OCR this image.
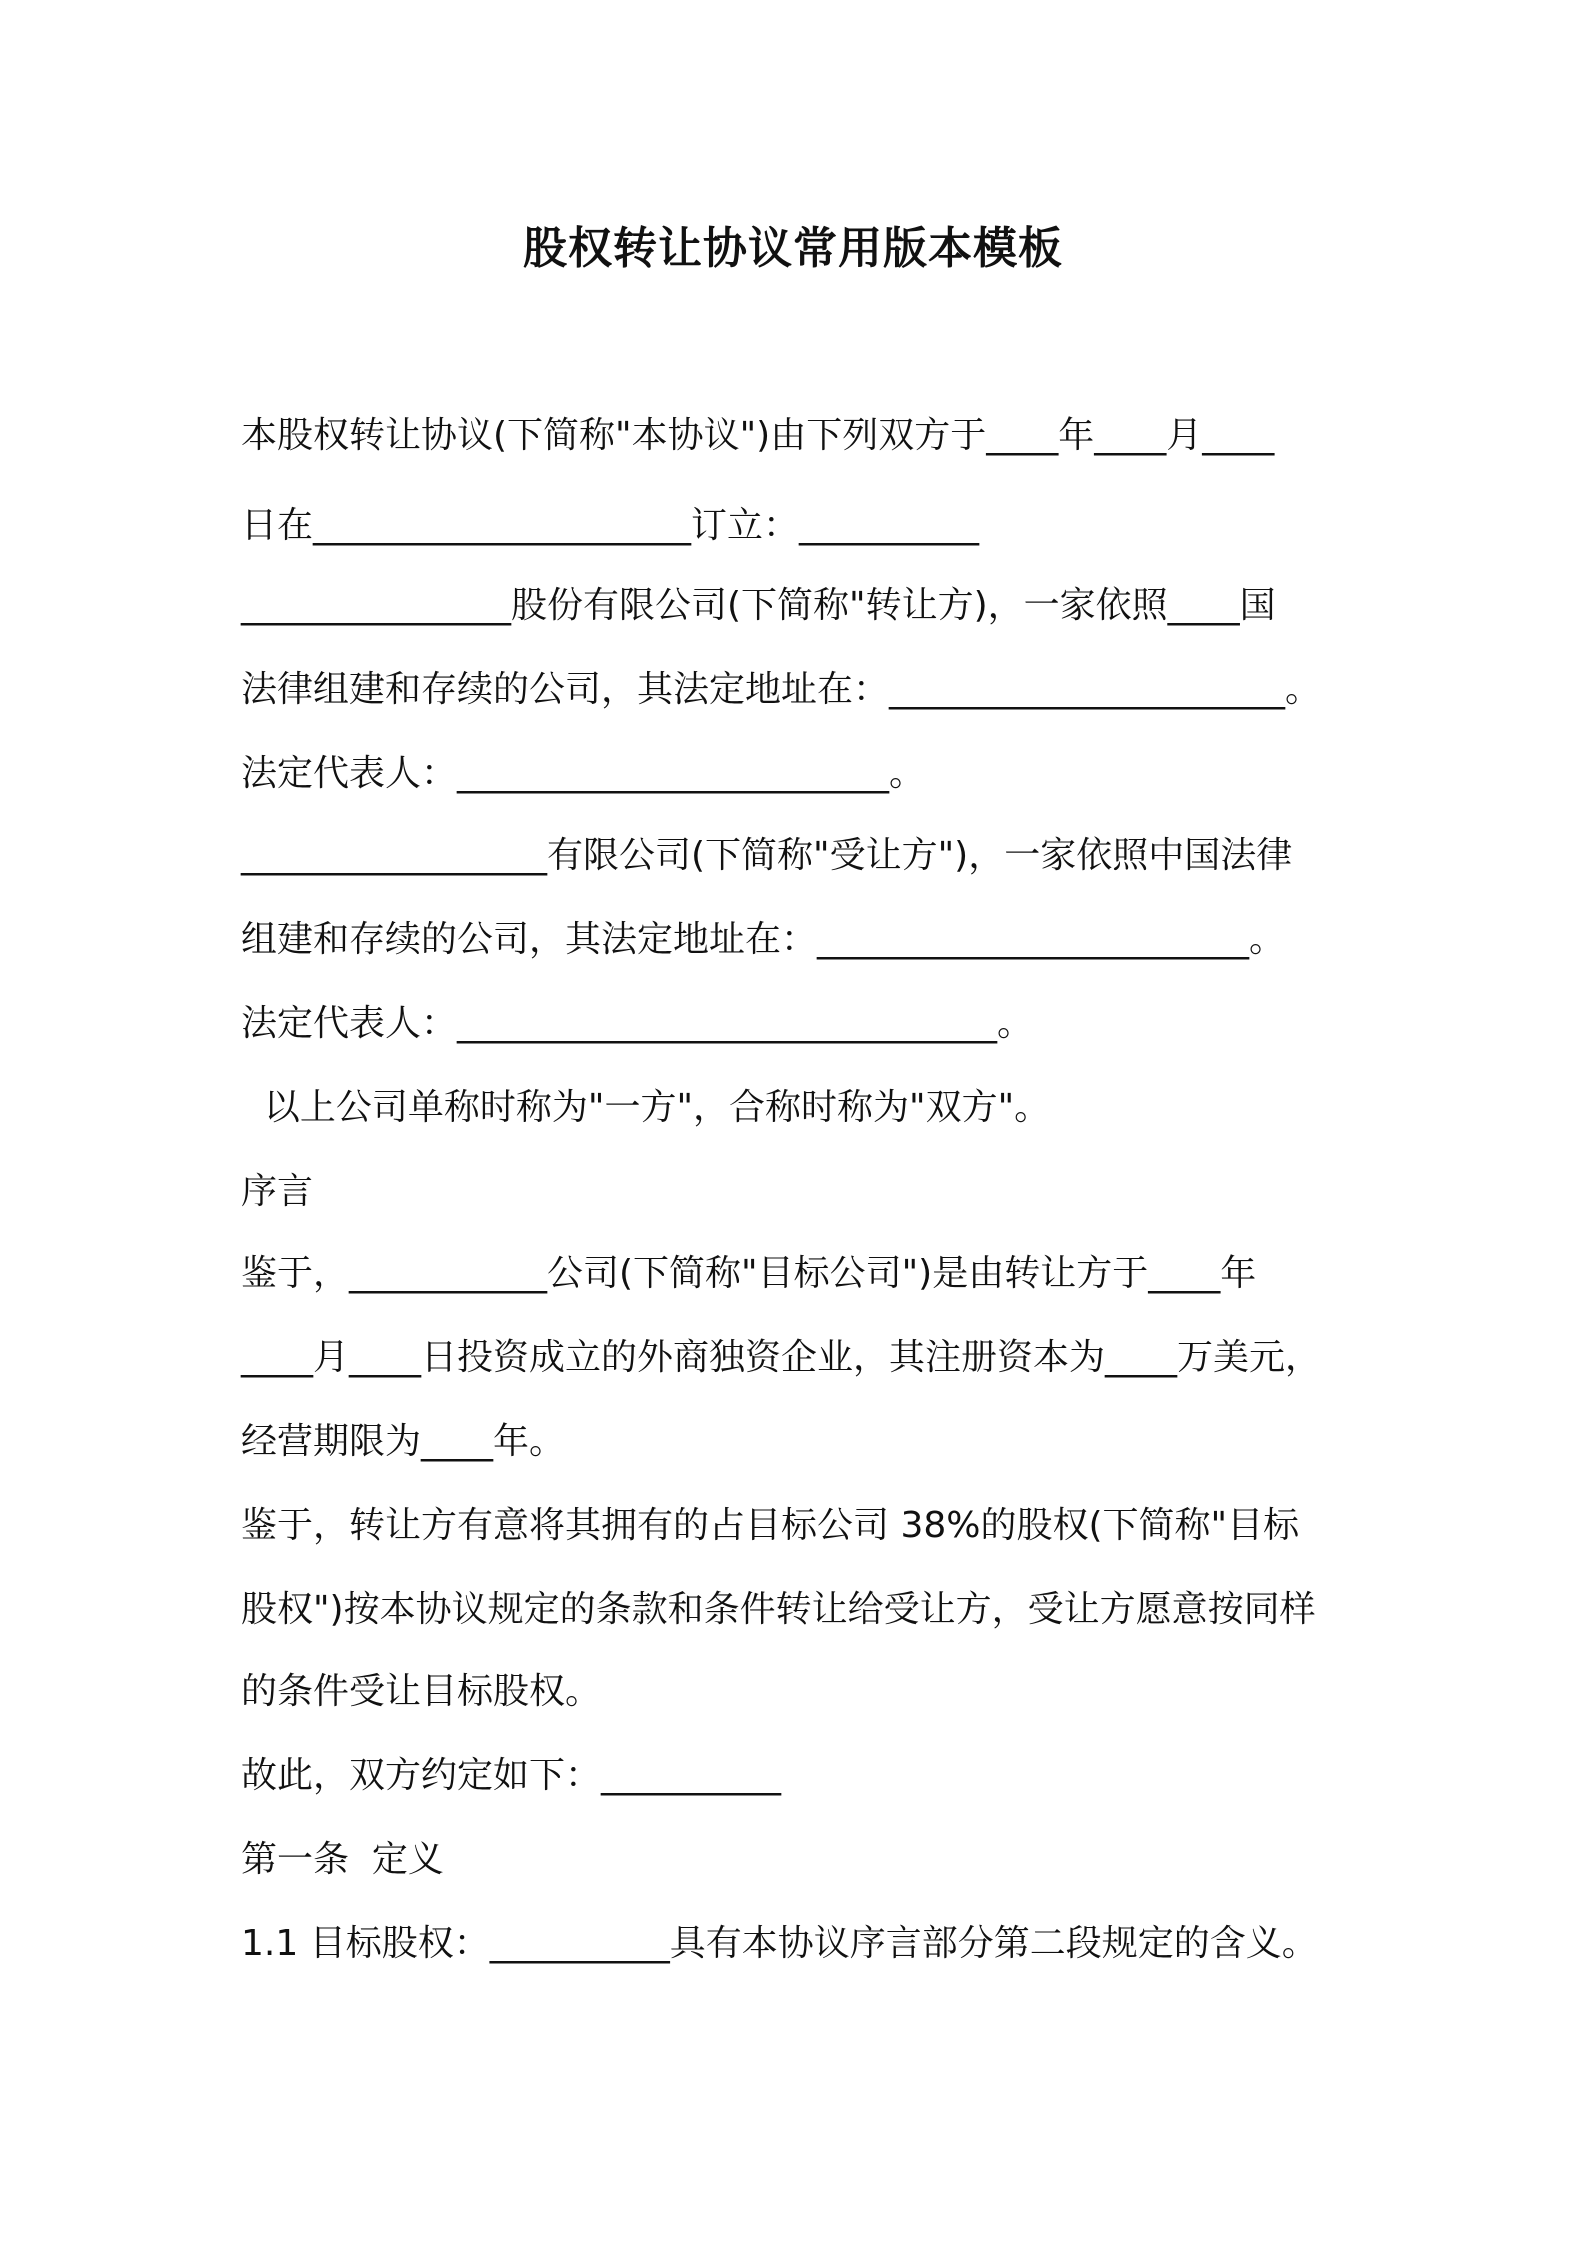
股权转让协议常用版本模板
本股权转让协议(下简称"本协议")由下列双方于____年____月____
日在_____________________订立：__________
_______________股份有限公司(下简称"转让方)，一家依照____国
法律组建和存续的公司，其法定地址在：______________________。
法定代表人：________________________。
_________________有限公司(下简称"受让方")，一家依照中国法律
组建和存续的公司，其法定地址在：________________________。
法定代表人：______________________________。
以上公司单称时称为"一方"，合称时称为"双方"。
序言
鉴于，___________公司(下简称"目标公司")是由转让方于____年
____月____日投资成立的外商独资企业，其注册资本为____万美元，
经营期限为____年。
鉴于，转让方有意将其拥有的占目标公司 38%的股权(下简称"目标
股权")按本协议规定的条款和条件转让给受让方，受让方愿意按同样
的条件受让目标股权。
故此，双方约定如下：__________
第一条  定义
1.1 目标股权：__________具有本协议序言部分第二段规定的含义。
